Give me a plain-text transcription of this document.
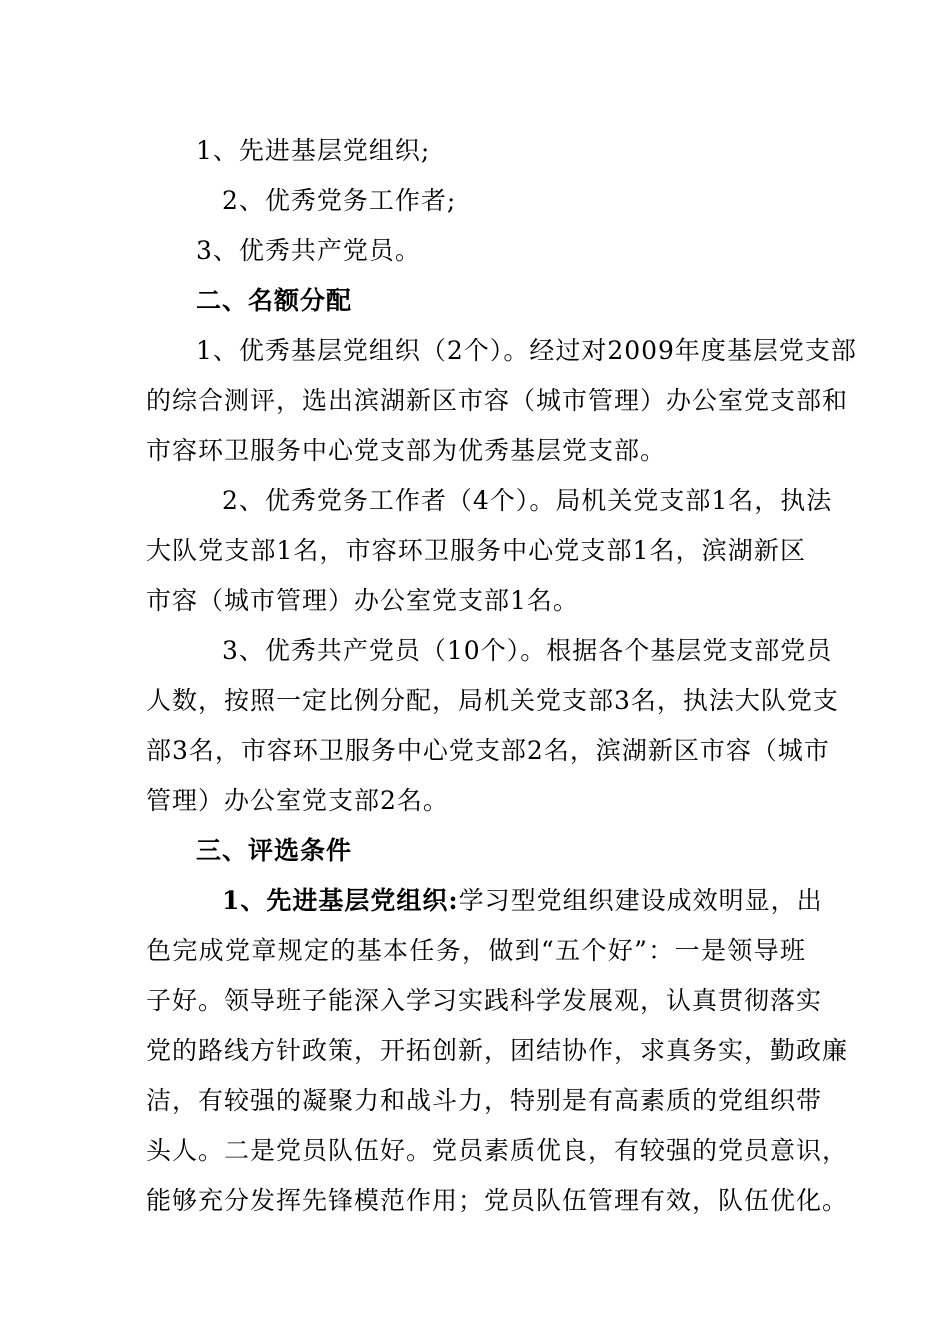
1、先进基层党组织;
2、优秀党务工作者;
3、优秀共产党员。
二、名额分配
1、优秀基层党组织（2个）。经过对2009年度基层党支部
的综合测评，选出滨湖新区市容（城市管理）办公室党支部和
市容环卫服务中心党支部为优秀基层党支部。
2、优秀党务工作者（4个）。局机关党支部1名，执法
大队党支部1名，市容环卫服务中心党支部1名，滨湖新区
市容（城市管理）办公室党支部1名。
3、优秀共产党员（10个）。根据各个基层党支部党员
人数，按照一定比例分配，局机关党支部3名，执法大队党支
部3名，市容环卫服务中心党支部2名，滨湖新区市容（城市
管理）办公室党支部2名。
三、评选条件
1、先进基层党组织: 学习型党组织建设成效明显，出
色完成党章规定的基本任务，做到“五个好”：一是领导班
子好。领导班子能深入学习实践科学发展观，认真贯彻落实
党的路线方针政策，开拓创新，团结协作，求真务实，勤政廉
洁，有较强的凝聚力和战斗力，特别是有高素质的党组织带
头人。二是党员队伍好。党员素质优良，有较强的党员意识，
能够充分发挥先锋模范作用；党员队伍管理有效，队伍优化。
